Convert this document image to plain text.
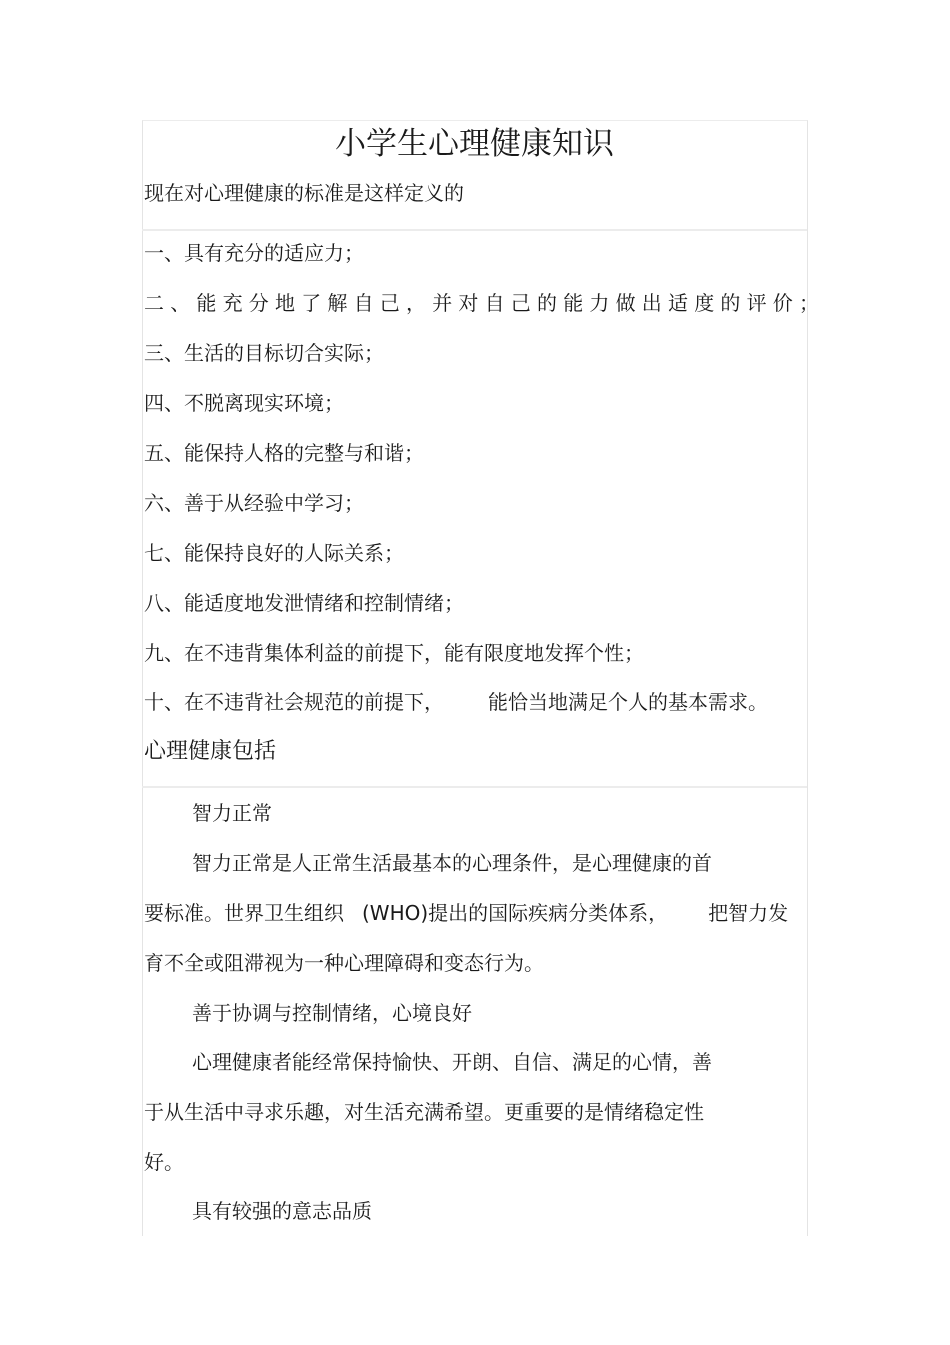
小学生心理健康知识
现在对心理健康的标准是这样定义的
一、具有充分的适应力；
二、能充分地了解自己，并对自己的能力做出适度的评价；
三、生活的目标切合实际；
四、不脱离现实环境；
五、能保持人格的完整与和谐；
六、善于从经验中学习；
七、能保持良好的人际关系；
八、能适度地发泄情绪和控制情绪；
九、在不违背集体利益的前提下，能有限度地发挥个性；
十、在不违背社会规范的前提下， 能恰当地满足个人的基本需求。
心理健康包括
智力正常
智力正常是人正常生活最基本的心理条件，是心理健康的首
要标准。世界卫生组织 (WHO)提出的国际疾病分类体系， 把智力发
育不全或阻滞视为一种心理障碍和变态行为。
善于协调与控制情绪，心境良好
心理健康者能经常保持愉快、开朗、自信、满足的心情，善
于从生活中寻求乐趣，对生活充满希望。更重要的是情绪稳定性
好。
具有较强的意志品质
